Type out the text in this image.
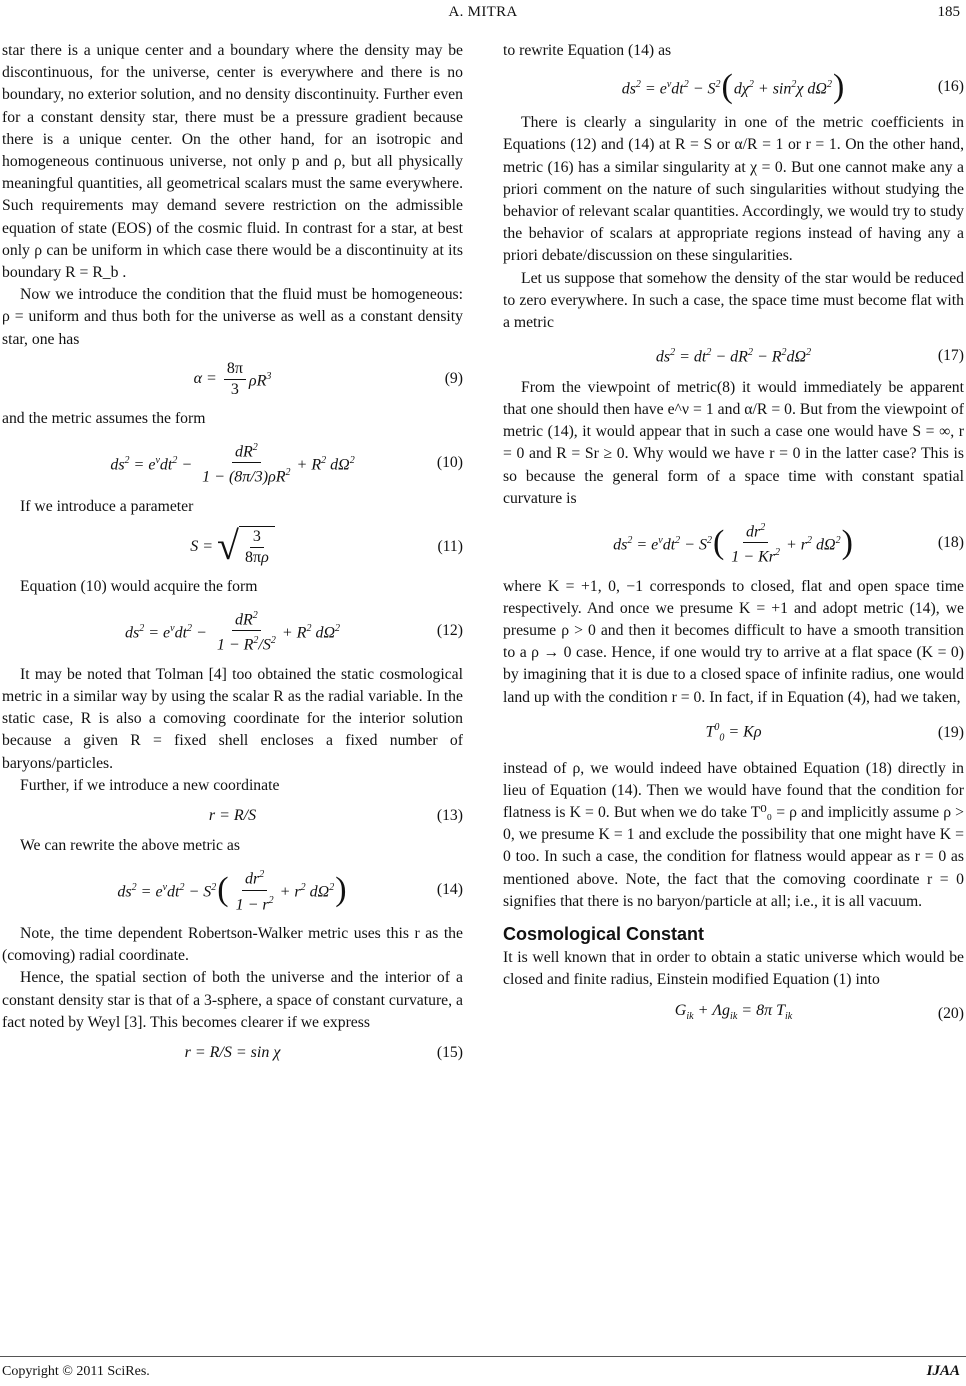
A. MITRA	185

star there is a unique center and a boundary where the density may be discontinuous, for the universe, center is everywhere and there is no boundary, no exterior solution, and no density discontinuity. Further even for a constant density star, there must be a pressure gradient because there is a unique center. On the other hand, for an isotropic and homogeneous continuous universe, not only p and ρ, but all physically meaningful quantities, all geometrical scalars must the same everywhere. Such requirements may demand severe restriction on the admissible equation of state (EOS) of the cosmic fluid. In contrast for a star, at best only ρ can be uniform in which case there would be a discontinuity at its boundary R = R_b .

Now we introduce the condition that the fluid must be homogeneous: ρ = uniform and thus both for the universe as well as a constant density star, one has

$\alpha = \frac{8\pi}{3} \rho R^3$	(9)

and the metric assumes the form

$ds^2 = e^\nu dt^2 - \frac{dR^2}{1 - (8\pi/3)\rho R^2} + R^2$ $d\Omega^2$	(10)

If we introduce a parameter

S = √ $\frac{3}{8\pi\rho}$	(11)

Equation (10) would acquire the form

$ds^2 = e^\nu dt^2 - \frac{dR^2}{1 - R^2/S^2} + R^2$ $d\Omega^2$	(12)

It may be noted that Tolman [4] too obtained the static cosmological metric in a similar way by using the scalar R as the radial variable. In the static case, R is also a comoving coordinate for the interior solution because a given R = fixed shell encloses a fixed number of baryons/particles.

Further, if we introduce a new coordinate

r = R/S	(13)

We can rewrite the above metric as

$ds^2 = e^\nu dt^2 - S^2$ ( $\frac{dr^2}{1 - r^2} + r^2$ $d\Omega^2$ )	(14)

Note, the time dependent Robertson-Walker metric uses this r as the (comoving) radial coordinate.

Hence, the spatial section of both the universe and the interior of a constant density star is that of a 3-sphere, a space of constant curvature, a fact noted by Weyl [3]. This becomes clearer if we express

r = R/S = sin χ	(15)

to rewrite Equation (14) as

$ds^2 = e^\nu dt^2 - S^2$ ( $d\chi^2 + \sin^2\chi$ $d\Omega^2$ )	(16)

There is clearly a singularity in one of the metric coefficients in Equations (12) and (14) at R = S or α/R = 1 or r = 1. On the other hand, metric (16) has a similar singularity at χ = 0. But one cannot make any a priori comment on the nature of such singularities without studying the behavior of relevant scalar quantities. Accordingly, we would try to study the behavior of scalars at appropriate regions instead of having any a priori debate/discussion on these singularities.

Let us suppose that somehow the density of the star would be reduced to zero everywhere. In such a case, the space time must become flat with a metric

$ds^2 = dt^2 - dR^2 - R^2d\Omega^2$	(17)

From the viewpoint of metric(8) it would immediately be apparent that one should then have e^ν = 1 and α/R = 0. But from the viewpoint of metric (14), it would appear that in such a case one would have S = ∞, r = 0 and R = Sr ≥ 0. Why would we have r = 0 in the latter case? This is so because the general form of a space time with constant spatial curvature is

$ds^2 = e^\nu dt^2 - S^2$ ( $\frac{dr^2}{1 - Kr^2} + r^2$ $d\Omega^2$ )	(18)

where K = +1, 0, −1 corresponds to closed, flat and open space time respectively. And once we presume K = +1 and adopt metric (14), we presume ρ > 0 and then it becomes difficult to have a smooth transition to a ρ → 0 case. Hence, if one would try to arrive at a flat space (K = 0) by imagining that it is due to a closed space of infinite radius, one would land up with the condition r = 0. In fact, if in Equation (4), had we taken,

$T^0_0 = K\rho$	(19)

instead of ρ, we would indeed have obtained Equation (18) directly in lieu of Equation (14). Then we would have found that the condition for flatness is K = 0. But when we do take T⁰₀ = ρ and implicitly assume ρ > 0, we presume K = 1 and exclude the possibility that one might have K = 0 too. In such a case, the condition for flatness would appear as r = 0 as mentioned above. Note, the fact that the comoving coordinate r = 0 signifies that there is no baryon/particle at all; i.e., it is all vacuum.

Cosmological Constant

It is well known that in order to obtain a static universe which would be closed and finite radius, Einstein modified Equation (1) into

$G_{ik} + \Lambda g_{ik} = 8\pi$ $T_{ik}$	(20)
Copyright © 2011 SciRes.	IJAA
